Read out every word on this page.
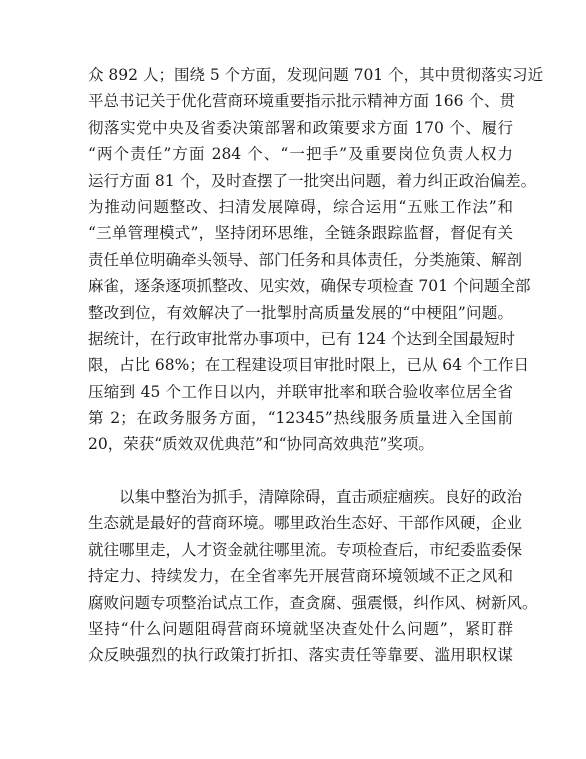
众 892 人；围绕 5 个方面，发现问题 701 个，其中贯彻落实习近
平总书记关于优化营商环境重要指示批示精神方面 166 个、贯
彻落实党中央及省委决策部署和政策要求方面 170 个、履行
“两个责任”方面 284 个、“一把手”及重要岗位负责人权力
运行方面 81 个，及时查摆了一批突出问题，着力纠正政治偏差。
为推动问题整改、扫清发展障碍，综合运用“五账工作法”和
“三单管理模式”，坚持闭环思维，全链条跟踪监督，督促有关
责任单位明确牵头领导、部门任务和具体责任，分类施策、解剖
麻雀，逐条逐项抓整改、见实效，确保专项检查 701 个问题全部
整改到位，有效解决了一批掣肘高质量发展的“中梗阻”问题。
据统计，在行政审批常办事项中，已有 124 个达到全国最短时
限，占比 68%；在工程建设项目审批时限上，已从 64 个工作日
压缩到 45 个工作日以内，并联审批率和联合验收率位居全省
第 2；在政务服务方面，“12345”热线服务质量进入全国前
20，荣获“质效双优典范”和“协同高效典范”奖项。
以集中整治为抓手，清障除碍，直击顽症痼疾。良好的政治
生态就是最好的营商环境。哪里政治生态好、干部作风硬，企业
就往哪里走，人才资金就往哪里流。专项检查后，市纪委监委保
持定力、持续发力，在全省率先开展营商环境领域不正之风和
腐败问题专项整治试点工作，查贪腐、强震慑，纠作风、树新风。
坚持“什么问题阻碍营商环境就坚决查处什么问题”，紧盯群
众反映强烈的执行政策打折扣、落实责任等靠要、滥用职权谋
